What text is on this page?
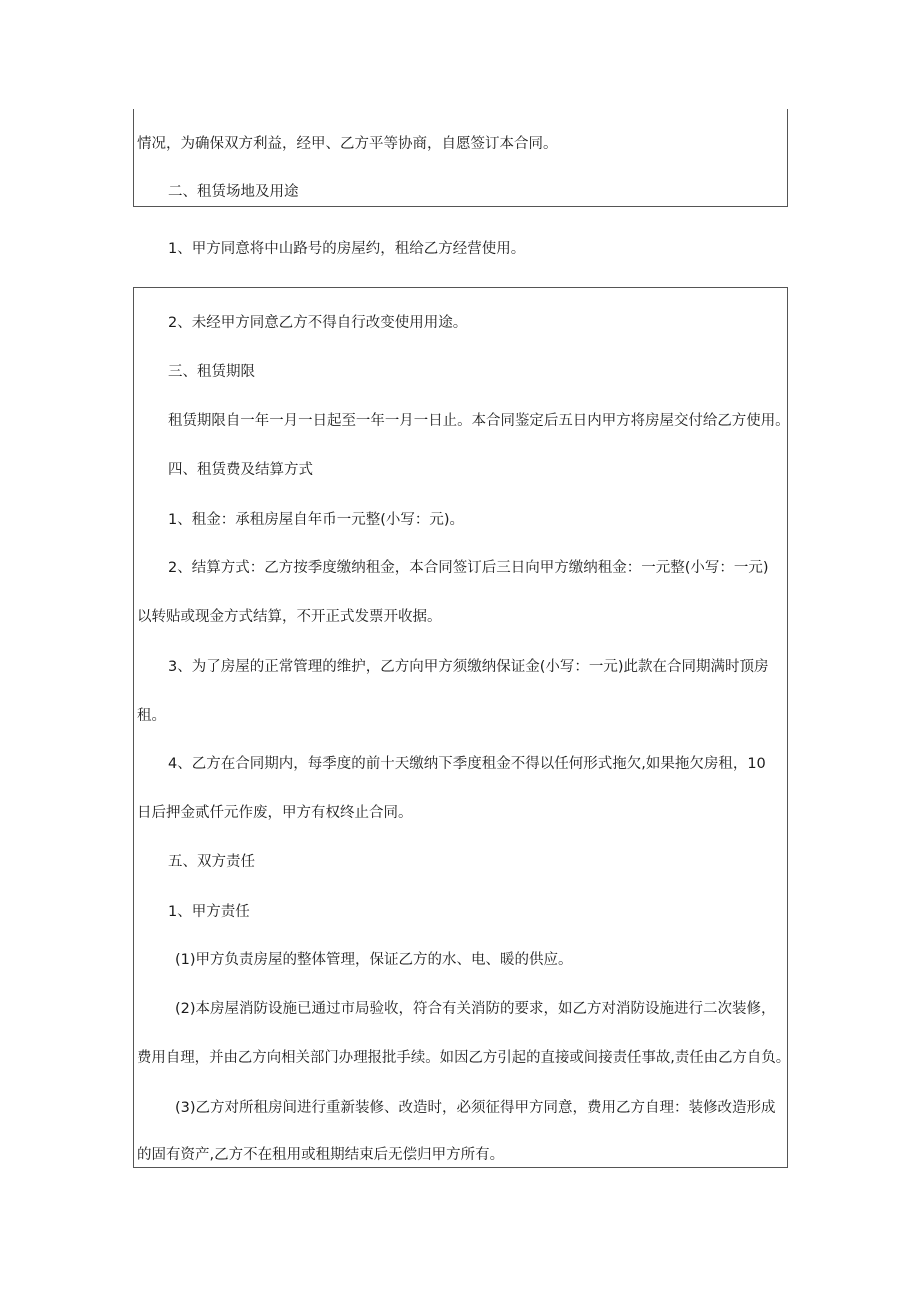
情况，为确保双方利益，经甲、乙方平等协商，自愿签订本合同。
二、租赁场地及用途
1、甲方同意将中山路号的房屋约，租给乙方经营使用。
2、未经甲方同意乙方不得自行改变使用用途。
三、租赁期限
租赁期限自一年一月一日起至一年一月一日止。本合同鉴定后五日内甲方将房屋交付给乙方使用。
四、租赁费及结算方式
1、租金：承租房屋自年币一元整(小写：元)。
2、结算方式：乙方按季度缴纳租金，本合同签订后三日向甲方缴纳租金：一元整(小写：一元)
以转贴或现金方式结算，不开正式发票开收据。
3、为了房屋的正常管理的维护，乙方向甲方须缴纳保证金(小写：一元)此款在合同期满时顶房
租。
4、乙方在合同期内，每季度的前十天缴纳下季度租金不得以任何形式拖欠,如果拖欠房租，10
日后押金贰仟元作废，甲方有权终止合同。
五、双方责任
1、甲方责任
(1)甲方负责房屋的整体管理，保证乙方的水、电、暖的供应。
(2)本房屋消防设施已通过市局验收，符合有关消防的要求，如乙方对消防设施进行二次装修，
费用自理，并由乙方向相关部门办理报批手续。如因乙方引起的直接或间接责任事故,责任由乙方自负。
(3)乙方对所租房间进行重新装修、改造时，必须征得甲方同意，费用乙方自理：装修改造形成
的固有资产,乙方不在租用或租期结束后无偿归甲方所有。
